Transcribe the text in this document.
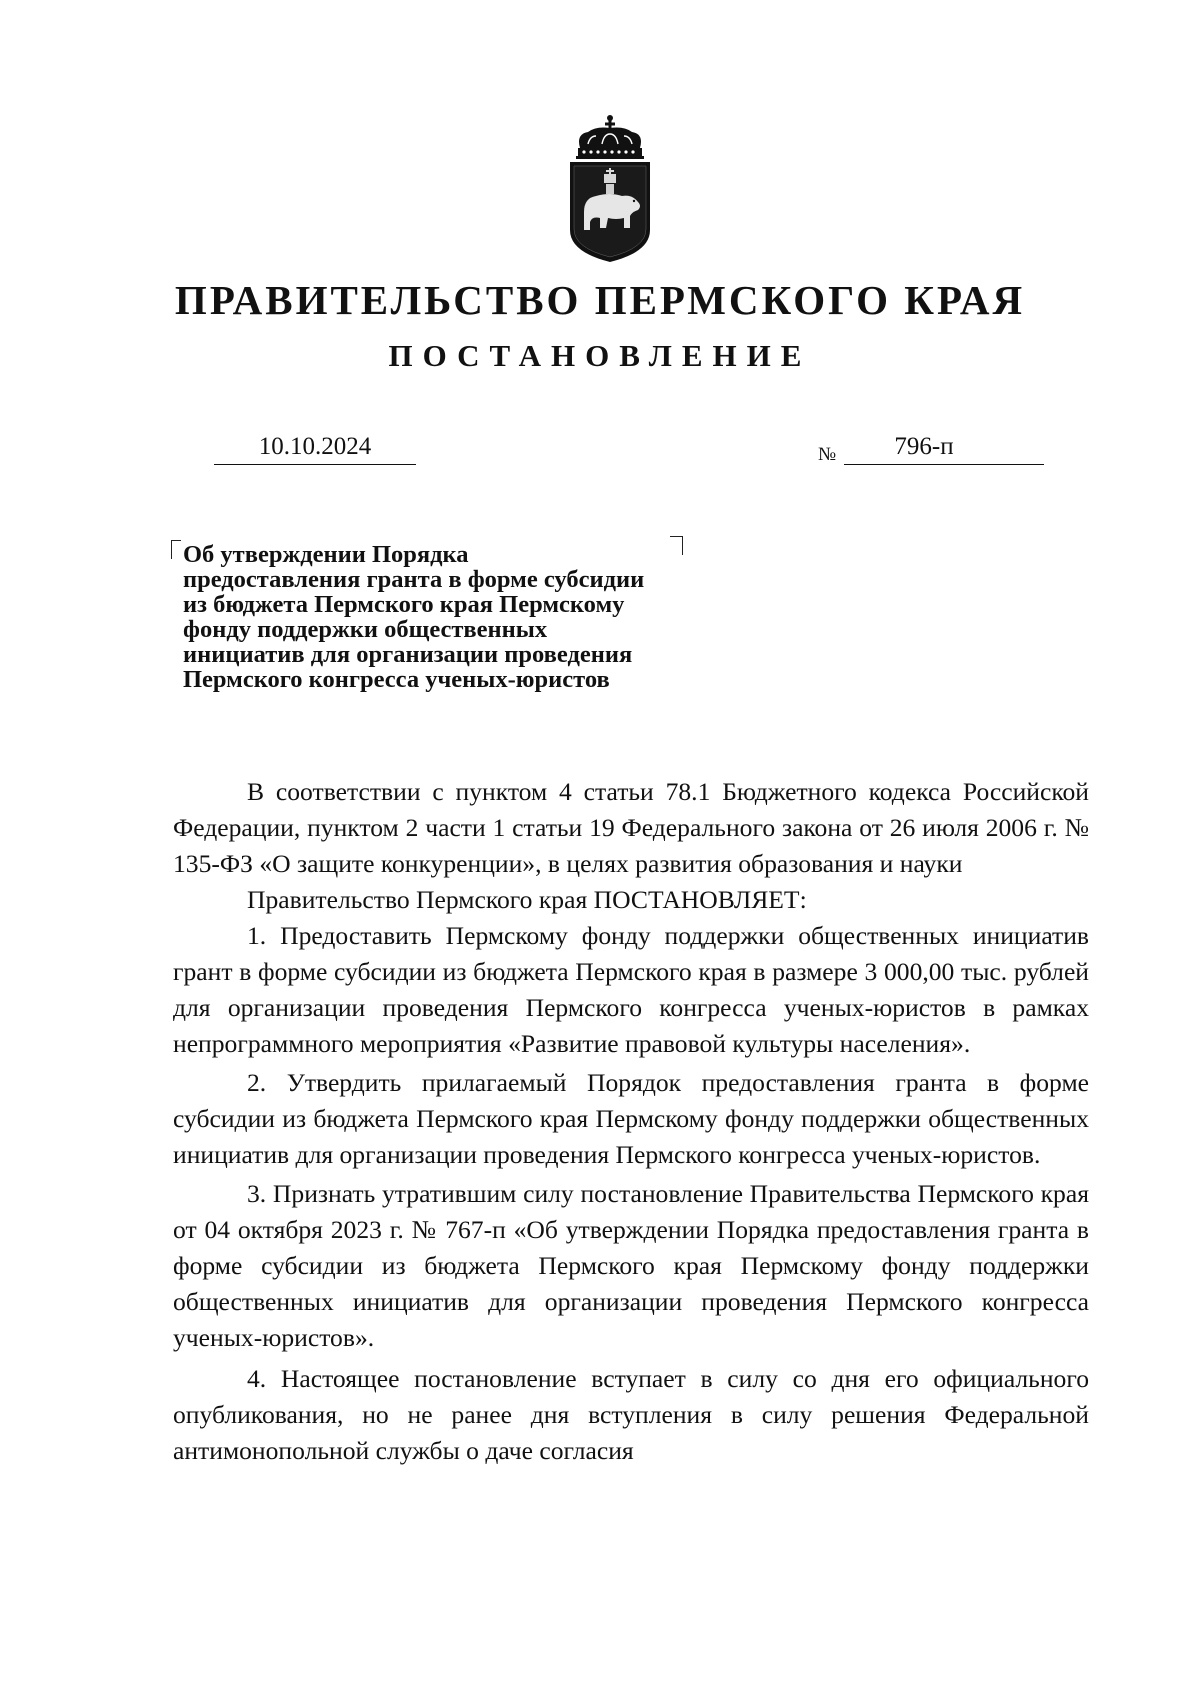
ПРАВИТЕЛЬСТВО ПЕРМСКОГО КРАЯ
ПОСТАНОВЛЕНИЕ
10.10.2024	№	796-п
Об утверждении Порядка
предоставления гранта в форме субсидии
из бюджета Пермского края Пермскому
фонду поддержки общественных
инициатив для организации проведения
Пермского конгресса ученых-юристов

В соответствии с пунктом 4 статьи 78.1 Бюджетного кодекса Российской Федерации, пунктом 2 части 1 статьи 19 Федерального закона от 26 июля 2006 г. № 135-ФЗ «О защите конкуренции», в целях развития образования и науки

Правительство Пермского края ПОСТАНОВЛЯЕТ:

1. Предоставить Пермскому фонду поддержки общественных инициатив грант в форме субсидии из бюджета Пермского края в размере 3 000,00 тыс. рублей для организации проведения Пермского конгресса ученых-юристов в рамках непрограммного мероприятия «Развитие правовой культуры населения».

2. Утвердить прилагаемый Порядок предоставления гранта в форме субсидии из бюджета Пермского края Пермскому фонду поддержки общественных инициатив для организации проведения Пермского конгресса ученых-юристов.

3. Признать утратившим силу постановление Правительства Пермского края от 04 октября 2023 г. № 767-п «Об утверждении Порядка предоставления гранта в форме субсидии из бюджета Пермского края Пермскому фонду поддержки общественных инициатив для организации проведения Пермского конгресса ученых-юристов».

4. Настоящее постановление вступает в силу со дня его официального опубликования, но не ранее дня вступления в силу решения Федеральной антимонопольной службы о даче согласия
